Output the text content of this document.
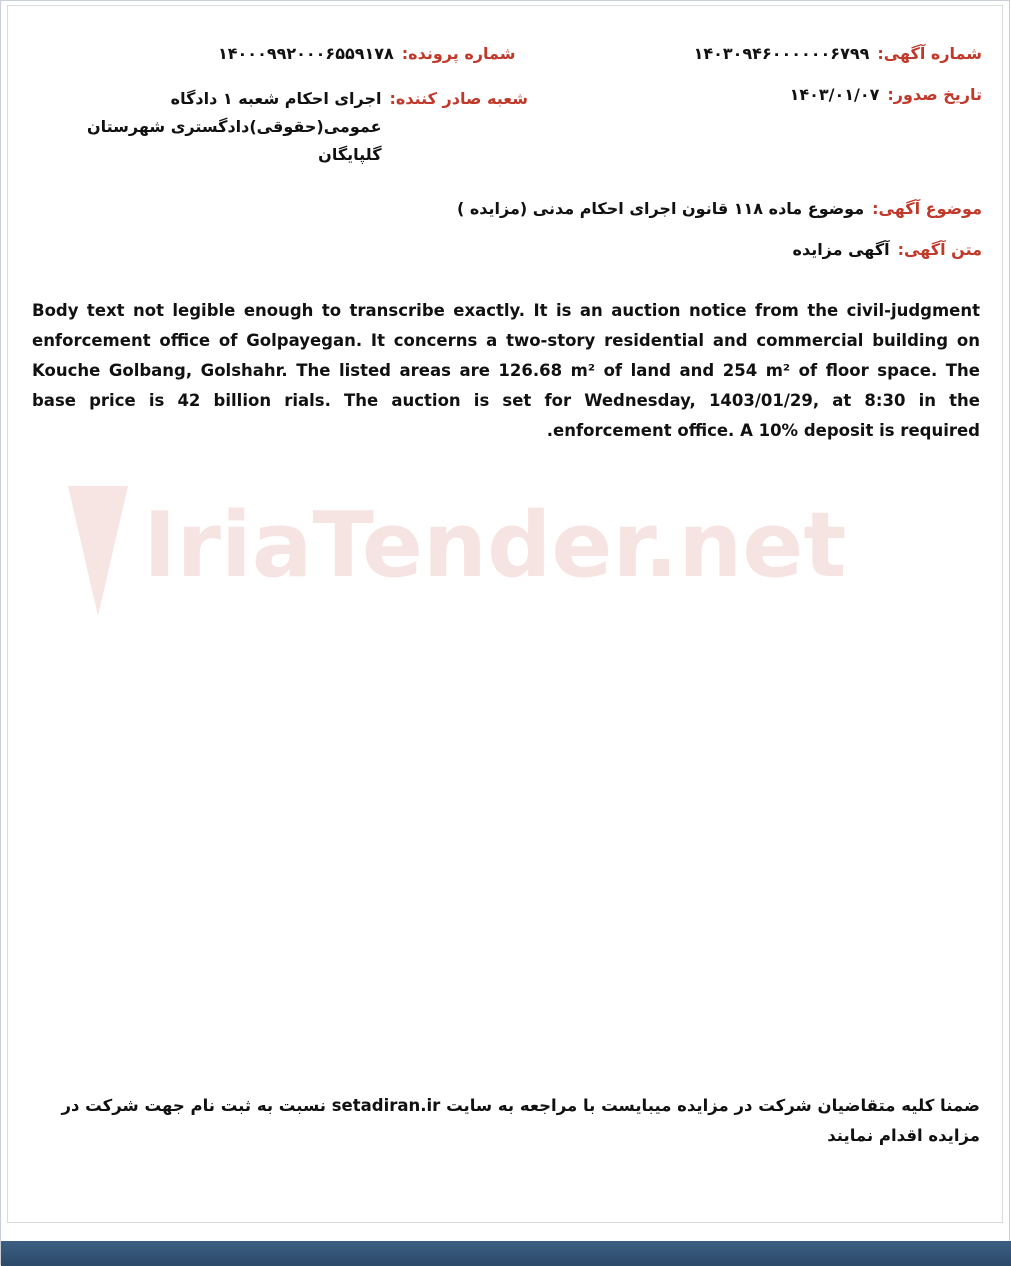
IriaTender.net
شماره آگهی:
۱۴۰۳۰۹۴۶۰۰۰۰۰۰۶۷۹۹
شماره پرونده:
۱۴۰۰۰۹۹۲۰۰۰۶۵۵۹۱۷۸
تاریخ صدور:
۱۴۰۳/۰۱/۰۷
شعبه صادر کننده:
اجرای احکام شعبه ۱ دادگاه عمومی(حقوقی)دادگستری شهرستان گلپایگان
موضوع آگهی:
موضوع ماده ۱۱۸ قانون اجرای احکام مدنی (مزایده )
متن آگهی:
آگهی مزایده
Body text not legible enough to transcribe exactly. It is an auction notice from the civil-judgment enforcement office of Golpayegan. It concerns a two-story residential and commercial building on Kouche Golbang, Golshahr. The listed areas are 126.68 m² of land and 254 m² of floor space. The base price is 42 billion rials. The auction is set for Wednesday, 1403/01/29, at 8:30 in the enforcement office. A 10% deposit is required.
ضمنا کلیه متقاضیان شرکت در مزایده میبایست با مراجعه به سایت setadiran.ir نسبت به ثبت نام جهت شرکت در مزایده اقدام نمایند
